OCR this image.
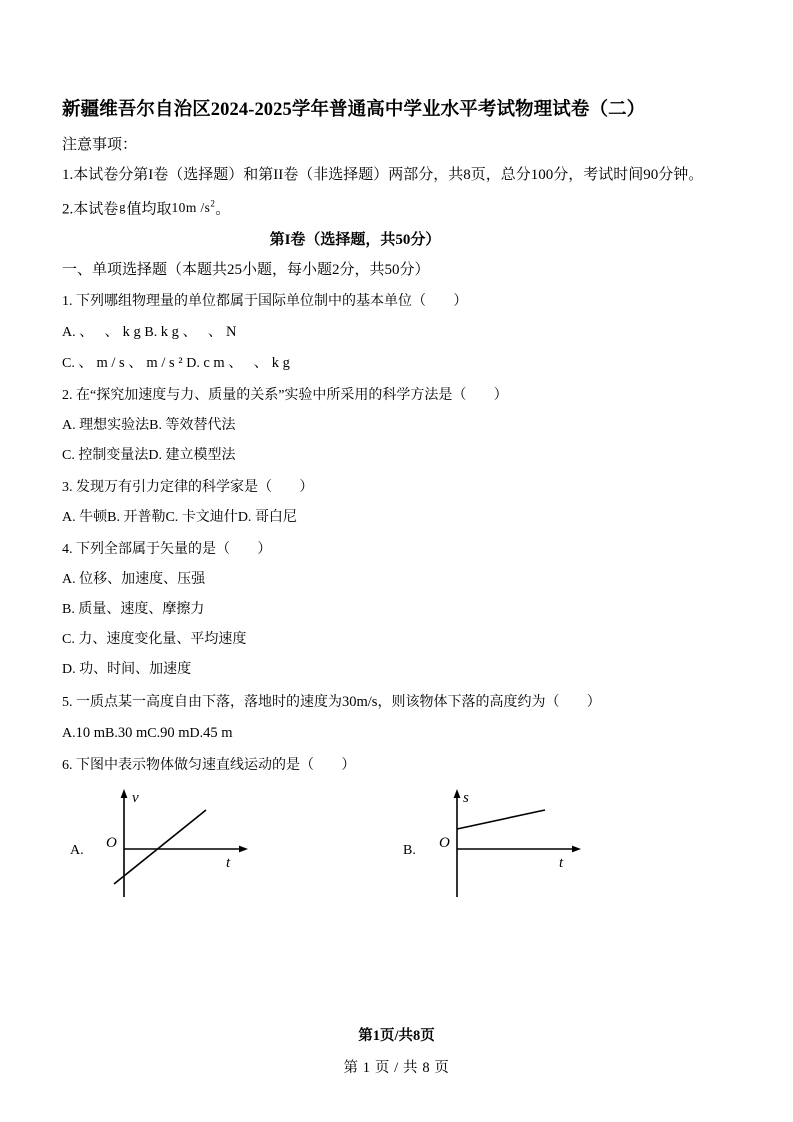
新疆维吾尔自治区2024-2025学年普通高中学业水平考试物理试卷（二）

注意事项：

1.本试卷分第I卷（选择题）和第II卷（非选择题）两部分，共8页，总分100分，考试时间90分钟。

2.本试卷$^g$值均取10m $/s^2$。

第I卷（选择题，共50分）

一、单项选择题（本题共25小题，每小题2分，共50分）

1. 下列哪组物理量的单位都属于国际单位制中的基本单位（ ）

A. 、 、kgB. kg、 、N
C. 、m/s、m/s²D. cm、 、kg

2. 在“探究加速度与力、质量的关系”实验中所采用的科学方法是（ ）

A. 理想实验法B. 等效替代法
C. 控制变量法D. 建立模型法

3. 发现万有引力定律的科学家是（ ）

A. 牛顿B. 开普勒C. 卡文迪什D. 哥白尼

4. 下列全部属于矢量的是（ ）

A. 位移、加速度、压强
B. 质量、速度、摩擦力
C. 力、速度变化量、平均速度
D. 功、时间、加速度

5. 一质点某一高度自由下落，落地时的速度为30m/s，则该物体下落的高度约为（ ）

A.10 mB.30 mC.90 mD.45 m

6. 下图中表示物体做匀速直线运动的是（ ）

A.
v
t
O	B.
s
t
O
第1页/共8页
第 1 页 / 共 8 页
